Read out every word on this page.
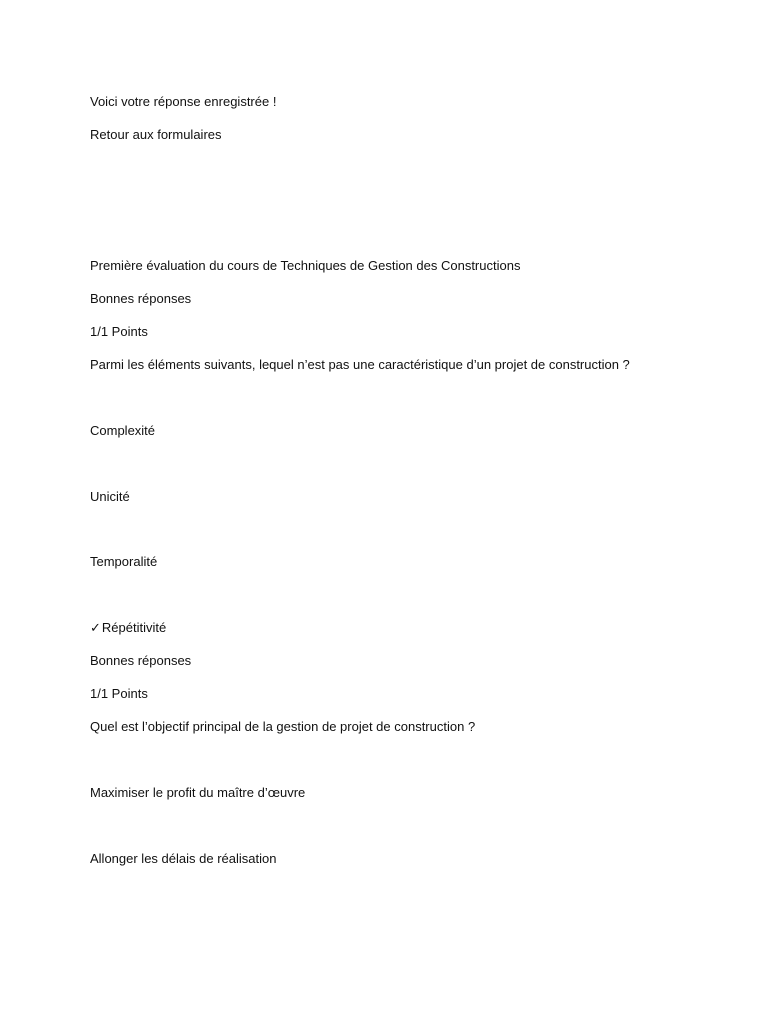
Voici votre réponse enregistrée !
Retour aux formulaires
Première évaluation du cours de Techniques de Gestion des Constructions
Bonnes réponses
1/1 Points
Parmi les éléments suivants, lequel n’est pas une caractéristique d’un projet de construction ?
Complexité
Unicité
Temporalité
✓Répétitivité
Bonnes réponses
1/1 Points
Quel est l’objectif principal de la gestion de projet de construction ?
Maximiser le profit du maître d’œuvre
Allonger les délais de réalisation
